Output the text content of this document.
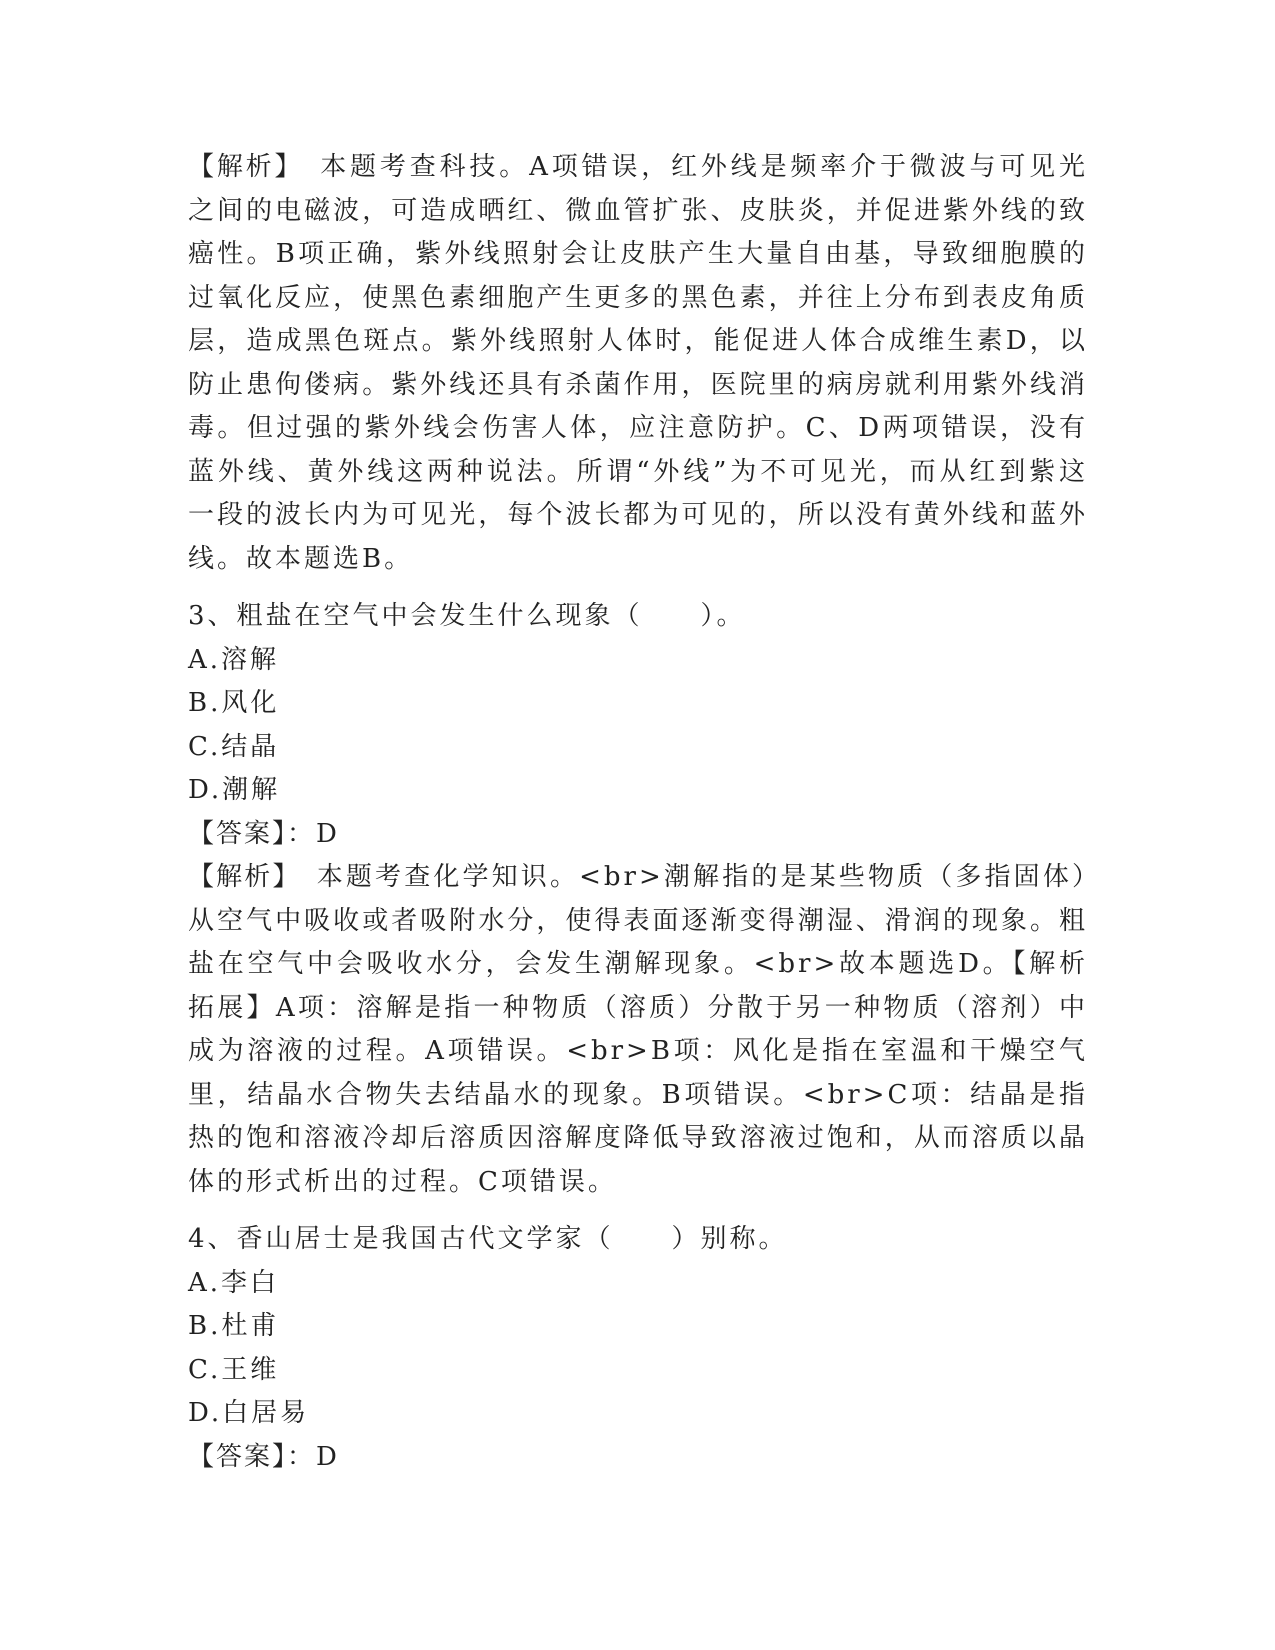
【解析】　本题考查科技。A项错误，红外线是频率介于微波与可见光之间的电磁波，可造成晒红、微血管扩张、皮肤炎，并促进紫外线的致癌性。B项正确，紫外线照射会让皮肤产生大量自由基，导致细胞膜的过氧化反应，使黑色素细胞产生更多的黑色素，并往上分布到表皮角质层，造成黑色斑点。紫外线照射人体时，能促进人体合成维生素D，以防止患佝偻病。紫外线还具有杀菌作用，医院里的病房就利用紫外线消毒。但过强的紫外线会伤害人体，应注意防护。C、D两项错误，没有蓝外线、黄外线这两种说法。所谓“外线”为不可见光，而从红到紫这一段的波长内为可见光，每个波长都为可见的，所以没有黄外线和蓝外线。故本题选B。

3、粗盐在空气中会发生什么现象（　　）。

A.溶解

B.风化

C.结晶

D.潮解

【答案】：D

【解析】　本题考查化学知识。<br>潮解指的是某些物质（多指固体）从空气中吸收或者吸附水分，使得表面逐渐变得潮湿、滑润的现象。粗盐在空气中会吸收水分，会发生潮解现象。<br>故本题选D。【解析拓展】A项：溶解是指一种物质（溶质）分散于另一种物质（溶剂）中成为溶液的过程。A项错误。<br>B项：风化是指在室温和干燥空气里，结晶水合物失去结晶水的现象。B项错误。<br>C项：结晶是指热的饱和溶液冷却后溶质因溶解度降低导致溶液过饱和，从而溶质以晶体的形式析出的过程。C项错误。

4、香山居士是我国古代文学家（　　）别称。

A.李白

B.杜甫

C.王维

D.白居易

【答案】：D
